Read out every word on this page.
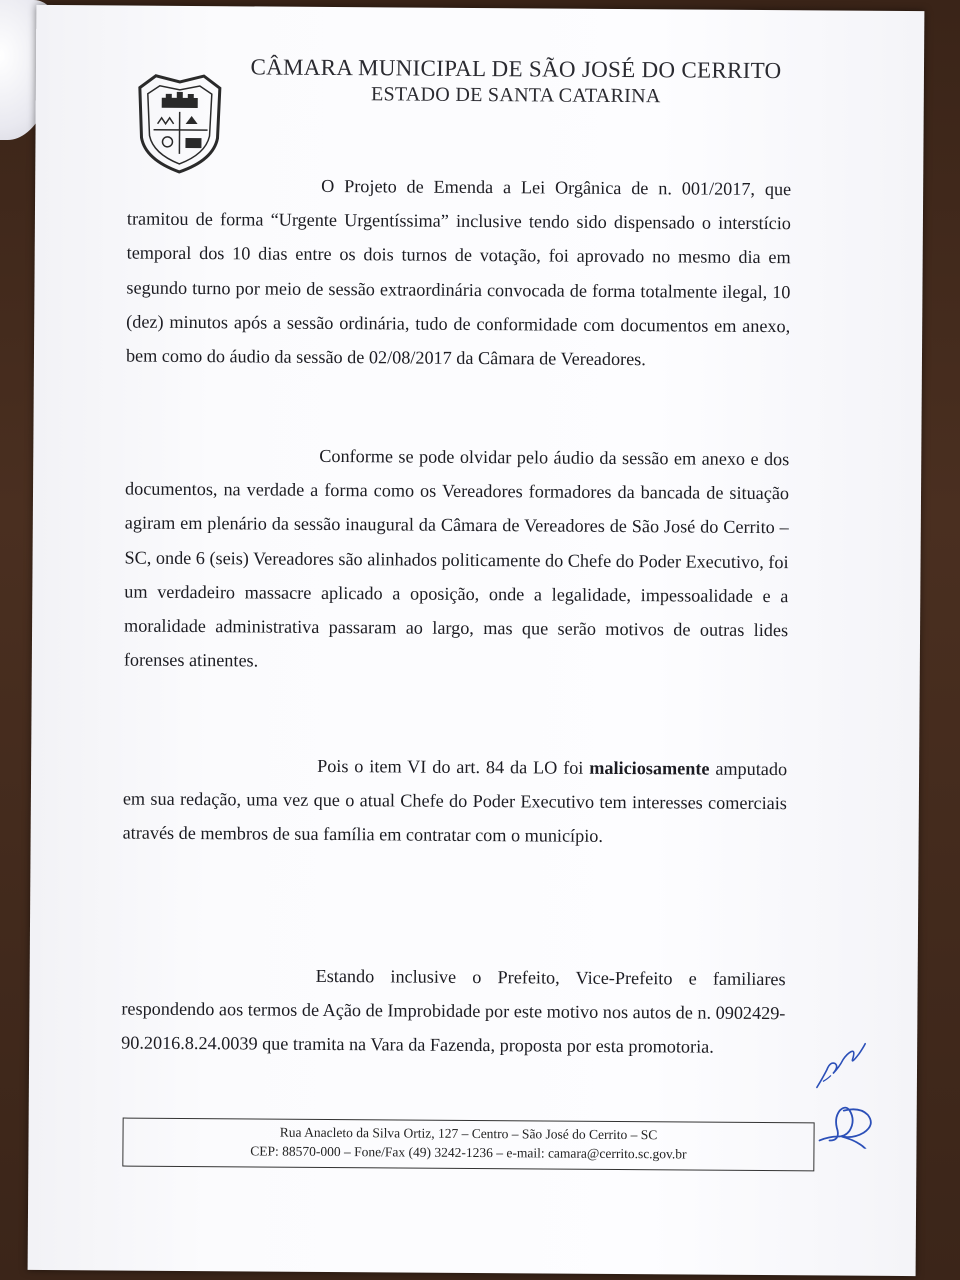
CÂMARA MUNICIPAL DE SÃO JOSÉ DO CERRITO
ESTADO DE SANTA CATARINA

O Projeto de Emenda a Lei Orgânica de n. 001/2017, que tramitou de forma “Urgente Urgentíssima” inclusive tendo sido dispensado o interstício temporal dos 10 dias entre os dois turnos de votação, foi aprovado no mesmo dia em segundo turno por meio de sessão extraordinária convocada de forma totalmente ilegal, 10 (dez) minutos após a sessão ordinária, tudo de conformidade com documentos em anexo, bem como do áudio da sessão de 02/08/2017 da Câmara de Vereadores.

Conforme se pode olvidar pelo áudio da sessão em anexo e dos documentos, na verdade a forma como os Vereadores formadores da bancada de situação agiram em plenário da sessão inaugural da Câmara de Vereadores de São José do Cerrito – SC, onde 6 (seis) Vereadores são alinhados politicamente do Chefe do Poder Executivo, foi um verdadeiro massacre aplicado a oposição, onde a legalidade, impessoalidade e a moralidade administrativa passaram ao largo, mas que serão motivos de outras lides forenses atinentes.

Pois o item VI do art. 84 da LO foi maliciosamente amputado em sua redação, uma vez que o atual Chefe do Poder Executivo tem interesses comerciais através de membros de sua família em contratar com o município.

Estando inclusive o Prefeito, Vice-Prefeito e familiares respondendo aos termos de Ação de Improbidade por este motivo nos autos de n. 0902429-90.2016.8.24.0039 que tramita na Vara da Fazenda, proposta por esta promotoria.

Rua Anacleto da Silva Ortiz, 127 – Centro – São José do Cerrito – SC
CEP: 88570-000 – Fone/Fax (49) 3242-1236 – e-mail: camara@cerrito.sc.gov.br
